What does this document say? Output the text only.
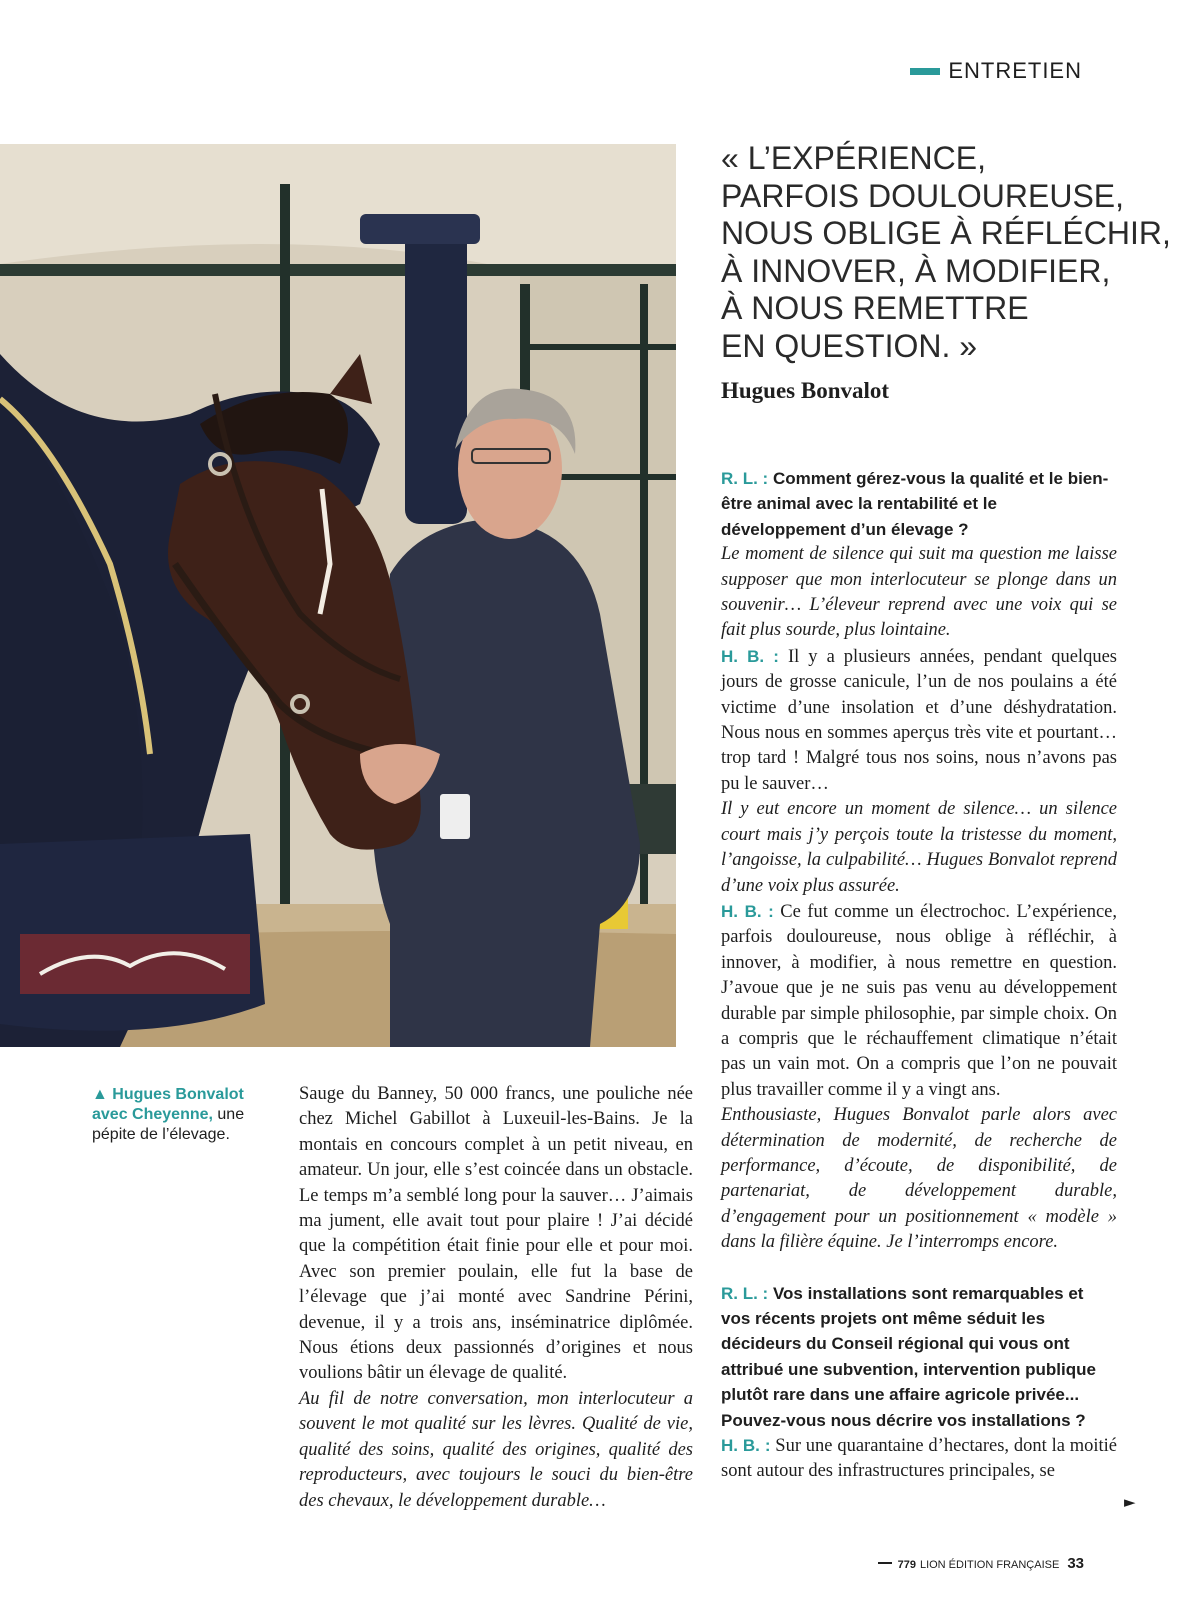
ENTRETIEN
« L’EXPÉRIENCE,
PARFOIS DOULOUREUSE,
NOUS OBLIGE À RÉFLÉCHIR,
À INNOVER, À MODIFIER,
À NOUS REMETTRE
EN QUESTION. »
Hugues Bonvalot
▲ Hugues Bonvalot avec Cheyenne, une pépite de l’élevage.

Sauge du Banney, 50 000 francs, une pouliche née chez Michel Gabillot à Luxeuil-les-Bains. Je la montais en concours complet à un petit niveau, en amateur. Un jour, elle s’est coincée dans un obstacle. Le temps m’a semblé long pour la sauver… J’aimais ma jument, elle avait tout pour plaire ! J’ai décidé que la compétition était finie pour elle et pour moi. Avec son premier poulain, elle fut la base de l’élevage que j’ai monté avec Sandrine Périni, devenue, il y a trois ans, inséminatrice diplômée. Nous étions deux passionnés d’origines et nous voulions bâtir un élevage de qualité.

Au fil de notre conversation, mon interlocuteur a souvent le mot qualité sur les lèvres. Qualité de vie, qualité des soins, qualité des origines, qualité des reproducteurs, avec toujours le souci du bien-être des chevaux, le développement durable…

R. L. : Comment gérez-vous la qualité et le bien-être animal avec la rentabilité et le développement d’un élevage ?

Le moment de silence qui suit ma question me laisse supposer que mon interlocuteur se plonge dans un souvenir… L’éleveur reprend avec une voix qui se fait plus sourde, plus lointaine.

H. B. : Il y a plusieurs années, pendant quelques jours de grosse canicule, l’un de nos poulains a été victime d’une insolation et d’une déshydratation. Nous nous en sommes aperçus très vite et pourtant… trop tard ! Malgré tous nos soins, nous n’avons pas pu le sauver…

Il y eut encore un moment de silence… un silence court mais j’y perçois toute la tristesse du moment, l’angoisse, la culpabilité… Hugues Bonvalot reprend d’une voix plus assurée.

H. B. : Ce fut comme un électrochoc. L’expérience, parfois douloureuse, nous oblige à réfléchir, à innover, à modifier, à nous remettre en question. J’avoue que je ne suis pas venu au développement durable par simple philosophie, par simple choix. On a compris que le réchauffement climatique n’était pas un vain mot. On a compris que l’on ne pouvait plus travailler comme il y a vingt ans.

Enthousiaste, Hugues Bonvalot parle alors avec détermination de modernité, de recherche de performance, d’écoute, de disponibilité, de partenariat, de développement durable, d’engagement pour un positionnement « modèle » dans la filière équine. Je l’interromps encore.

R. L. : Vos installations sont remarquables et vos récents projets ont même séduit les décideurs du Conseil régional qui vous ont attribué une subvention, intervention publique plutôt rare dans une affaire agricole privée... Pouvez-vous nous décrire vos installations ?

H. B. : Sur une quarantaine d’hectares, dont la moitié sont autour des infrastructures principales, se

►
779 LION ÉDITION FRANÇAISE 33
